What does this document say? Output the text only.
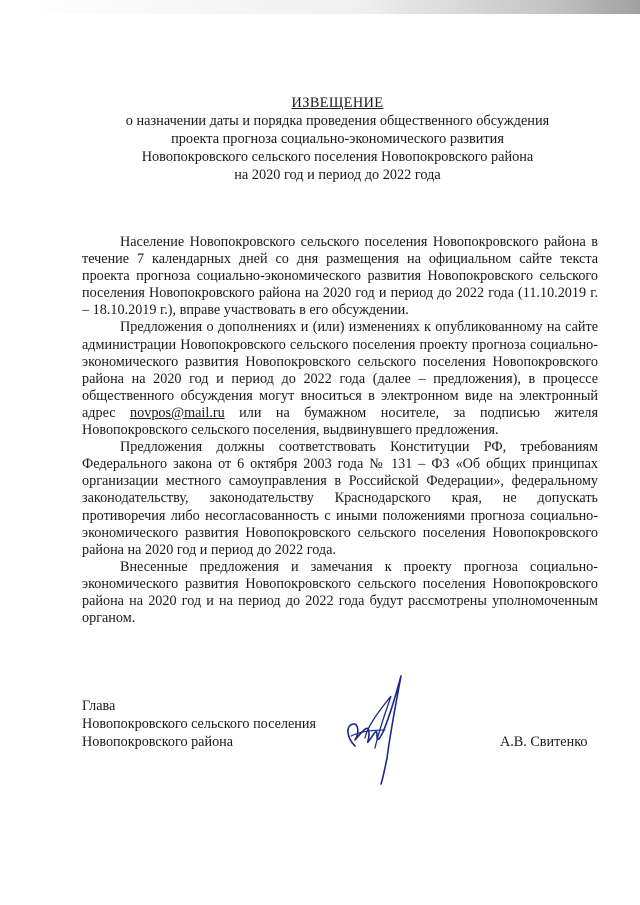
ИЗВЕЩЕНИЕ
о назначении даты и порядка проведения общественного обсуждения
проекта прогноза социально-экономического развития
Новопокровского сельского поселения Новопокровского района
на 2020 год и период до 2022 года

Население Новопокровского сельского поселения Новопокровского района в течение 7 календарных дней со дня размещения на официальном сайте текста проекта прогноза социально-экономического развития Новопокровского сельского поселения Новопокровского района на 2020 год и период до 2022 года (11.10.2019 г. – 18.10.2019 г.), вправе участвовать в его обсуждении.

Предложения о дополнениях и (или) изменениях к опубликованному на сайте администрации Новопокровского сельского поселения проекту прогноза социально-экономического развития Новопокровского сельского поселения Новопокровского района на 2020 год и период до 2022 года (далее – предложения), в процессе общественного обсуждения могут вноситься в электронном виде на электронный адрес novpos@mail.ru или на бумажном носителе, за подписью жителя Новопокровского сельского поселения, выдвинувшего предложения.

Предложения должны соответствовать Конституции РФ, требованиям Федерального закона от 6 октября 2003 года № 131 – ФЗ «Об общих принципах организации местного самоуправления в Российской Федерации», федеральному законодательству, законодательству Краснодарского края, не допускать противоречия либо несогласованность с иными положениями прогноза социально-экономического развития Новопокровского сельского поселения Новопокровского района на 2020 год и период до 2022 года.

Внесенные предложения и замечания к проекту прогноза социально-экономического развития Новопокровского сельского поселения Новопокровского района на 2020 год и на период до 2022 года будут рассмотрены уполномоченным органом.

Глава
Новопокровского сельского поселения
Новопокровского района	А.В. Свитенко
